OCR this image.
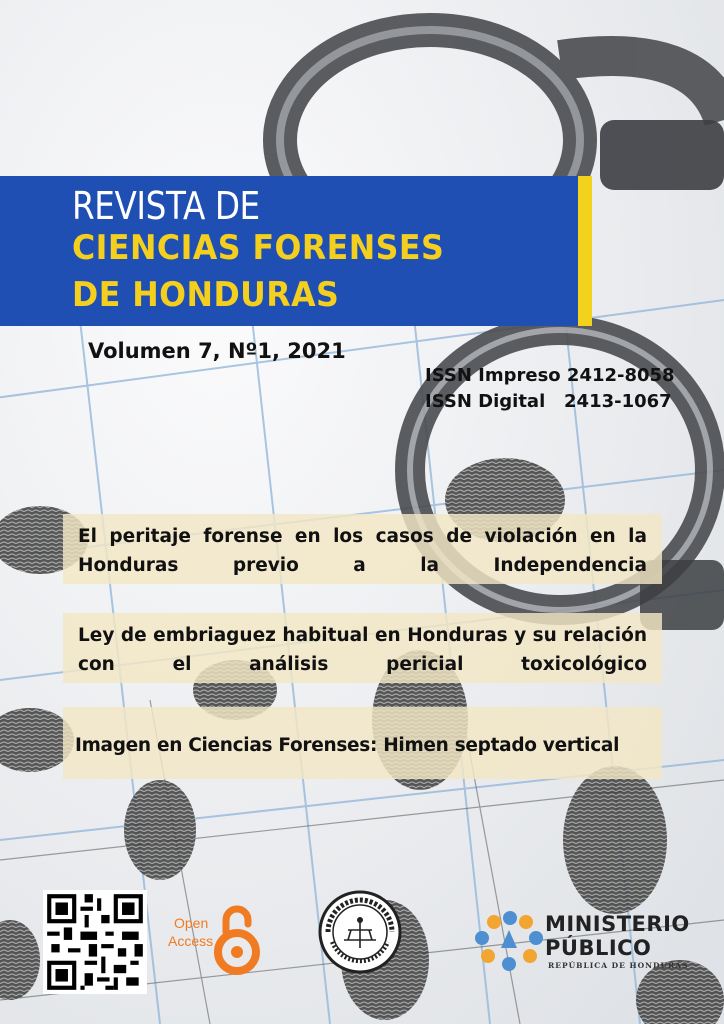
REVISTA DE
CIENCIAS FORENSES
DE HONDURAS
Volumen 7, Nº1, 2021
ISSN Impreso 2412-8058
ISSN Digital   2413-1067

El peritaje forense en los casos de violación en la Honduras previo a la Independencia

Ley de embriaguez habitual en Honduras y su relación con el análisis pericial toxicológico

Imagen en Ciencias Forenses: Himen septado vertical

Open
Access
MINISTERIO
PÚBLICO
REPÚBLICA DE HONDURAS
